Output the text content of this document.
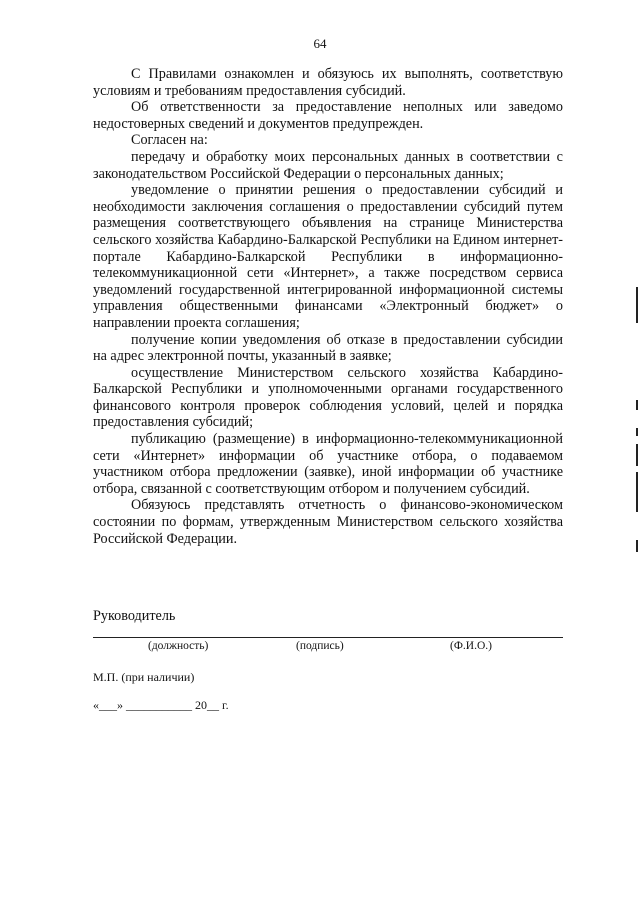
64

С Правилами ознакомлен и обязуюсь их выполнять, соответствую условиям и требованиям предоставления субсидий.

Об ответственности за предоставление неполных или заведомо недостоверных сведений и документов предупрежден.

Согласен на:

передачу и обработку моих персональных данных в соответствии с законодательством Российской Федерации о персональных данных;

уведомление о принятии решения о предоставлении субсидий и необходимости заключения соглашения о предоставлении субсидий путем размещения соответствующего объявления на странице Министерства сельского хозяйства Кабардино-Балкарской Республики на Едином интернет-портале Кабардино-Балкарской Республики в информационно-телекоммуникационной сети «Интернет», а также посредством сервиса уведомлений государственной интегрированной информационной системы управления общественными финансами «Электронный бюджет» о направлении проекта соглашения;

получение копии уведомления об отказе в предоставлении субсидии на адрес электронной почты, указанный в заявке;

осуществление Министерством сельского хозяйства Кабардино-Балкарской Республики и уполномоченными органами государственного финансового контроля проверок соблюдения условий, целей и порядка предоставления субсидий;

публикацию (размещение) в информационно-телекоммуникационной сети «Интернет» информации об участнике отбора, о подаваемом участником отбора предложении (заявке), иной информации об участнике отбора, связанной с соответствующим отбором и получением субсидий.

Обязуюсь представлять отчетность о финансово-экономическом состоянии по формам, утвержденным Министерством сельского хозяйства Российской Федерации.

Руководитель
(должность)	(подпись)	(Ф.И.О.)
М.П. (при наличии)
«___» ___________ 20__ г.
